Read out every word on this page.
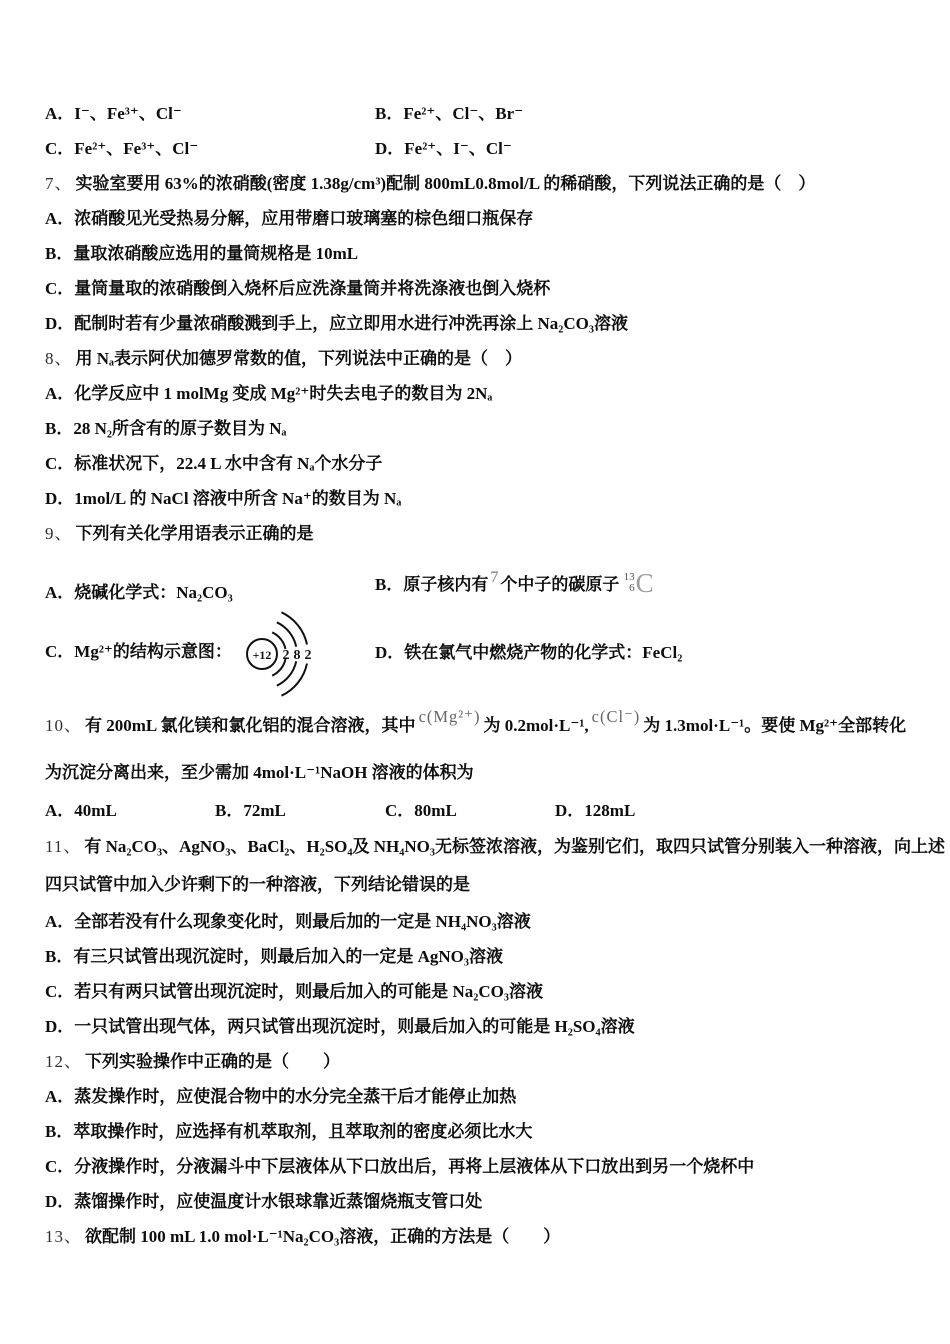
A．I⁻、Fe³⁺、Cl⁻	B．Fe²⁺、Cl⁻、Br⁻
C．Fe²⁺、Fe³⁺、Cl⁻	D．Fe²⁺、I⁻、Cl⁻
7、 实验室要用 63%的浓硝酸(密度 1.38g/cm³)配制 800mL0.8mol/L 的稀硝酸，下列说法正确的是（　）
A．浓硝酸见光受热易分解，应用带磨口玻璃塞的棕色细口瓶保存
B．量取浓硝酸应选用的量筒规格是 10mL
C．量筒量取的浓硝酸倒入烧杯后应洗涤量筒并将洗涤液也倒入烧杯
D．配制时若有少量浓硝酸溅到手上，应立即用水进行冲洗再涂上 Na₂CO₃溶液
8、 用 Nₐ表示阿伏加德罗常数的值，下列说法中正确的是（　）
A．化学反应中 1 molMg 变成 Mg²⁺时失去电子的数目为 2Nₐ
B．28 N₂所含有的原子数目为 Nₐ
C．标准状况下，22.4 L 水中含有 Nₐ个水分子
D．1mol/L 的 NaCl 溶液中所含 Na⁺的数目为 Nₐ
9、 下列有关化学用语表示正确的是
A．烧碱化学式：Na₂CO₃	B．原子核内有 7 个中子的碳原子 13
6 C
C．Mg²⁺的结构示意图： +12 2 8 2	D．铁在氯气中燃烧产物的化学式：FeCl₂
10、 有 200mL 氯化镁和氯化铝的混合溶液，其中 c(Mg²⁺) 为 0.2mol·L⁻¹, c(Cl⁻) 为 1.3mol·L⁻¹。要使 Mg²⁺全部转化
为沉淀分离出来，至少需加 4mol·L⁻¹NaOH 溶液的体积为
A．40mL	B．72mL	C．80mL	D．128mL
11、 有 Na₂CO₃、AgNO₃、BaCl₂、H₂SO₄及 NH₄NO₃无标签浓溶液，为鉴别它们，取四只试管分别装入一种溶液，向上述
四只试管中加入少许剩下的一种溶液，下列结论错误的是
A．全部若没有什么现象变化时，则最后加的一定是 NH₄NO₃溶液
B．有三只试管出现沉淀时，则最后加入的一定是 AgNO₃溶液
C．若只有两只试管出现沉淀时，则最后加入的可能是 Na₂CO₃溶液
D．一只试管出现气体，两只试管出现沉淀时，则最后加入的可能是 H₂SO₄溶液
12、 下列实验操作中正确的是（　　）
A．蒸发操作时，应使混合物中的水分完全蒸干后才能停止加热
B．萃取操作时，应选择有机萃取剂，且萃取剂的密度必须比水大
C．分液操作时，分液漏斗中下层液体从下口放出后，再将上层液体从下口放出到另一个烧杯中
D．蒸馏操作时，应使温度计水银球靠近蒸馏烧瓶支管口处
13、 欲配制 100 mL 1.0 mol·L⁻¹Na₂CO₃溶液，正确的方法是（　　）
